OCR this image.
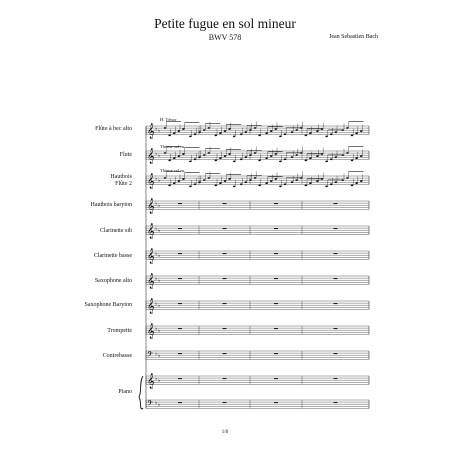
Petite fugue en sol mineur
BWV 578	Jean Sebastien Bach
Flûte à bec alto
Flute
Hautbois
Flûte 2
Hautbois baryton
Clarinette sib
Clarinette basse
Saxophone alto
Saxophone Baryton
Trompette
Contrebasse
Piano
H. Ténor
Thème sol m.
Thème sol m.
𝄞 ♭ ♭
𝄞 ♭ ♭
𝄞 ♭ ♭
𝄞 ♭ ♭
𝄞 ♭ ♭
𝄞 ♭ ♭
𝄞 ♭ ♭
𝄞 ♭ ♭
𝄞 ♭ ♭
𝄢 ♭ ♭
𝄞 ♭ ♭
𝄢 ♭ ♭
1/8
